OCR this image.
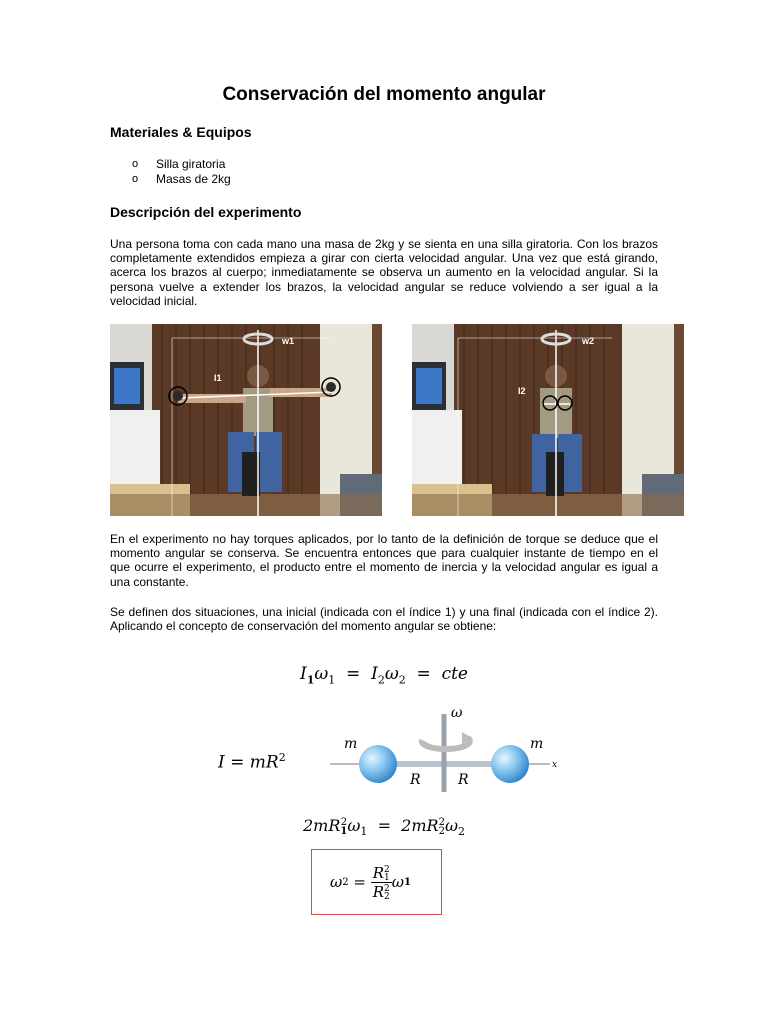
Conservación del momento angular
Materiales & Equipos
o Silla giratoria
o Masas de 2kg
Descripción del experimento

Una persona toma con cada mano una masa de 2kg y se sienta en una silla giratoria. Con los brazos completamente extendidos empieza a girar con cierta velocidad angular. Una vez que está girando, acerca los brazos al cuerpo; inmediatamente se observa un aumento en la velocidad angular. Si la persona vuelve a extender los brazos, la velocidad angular se reduce volviendo a ser igual a la velocidad inicial.

w1
I1
w2
I2

En el experimento no hay torques aplicados, por lo tanto de la definición de torque se deduce que el momento angular se conserva. Se encuentra entonces que para cualquier instante de tiempo en el que ocurre el experimento, el producto entre el momento de inercia y la velocidad angular es igual a una constante.

Se definen dos situaciones, una inicial (indicada con el índice 1) y una final (indicada con el índice 2). Aplicando el concepto de conservación del momento angular se obtiene:

$I_1\omega_1 = I_2\omega_2$  =  cte
$I = mR^2$
ω
m	m
R	R
x
2mR 2
1 $\omega_1 = 2mR$ 2
2 $\omega_2$
ω 2 = R 2
1
R 2
2 ω 1
